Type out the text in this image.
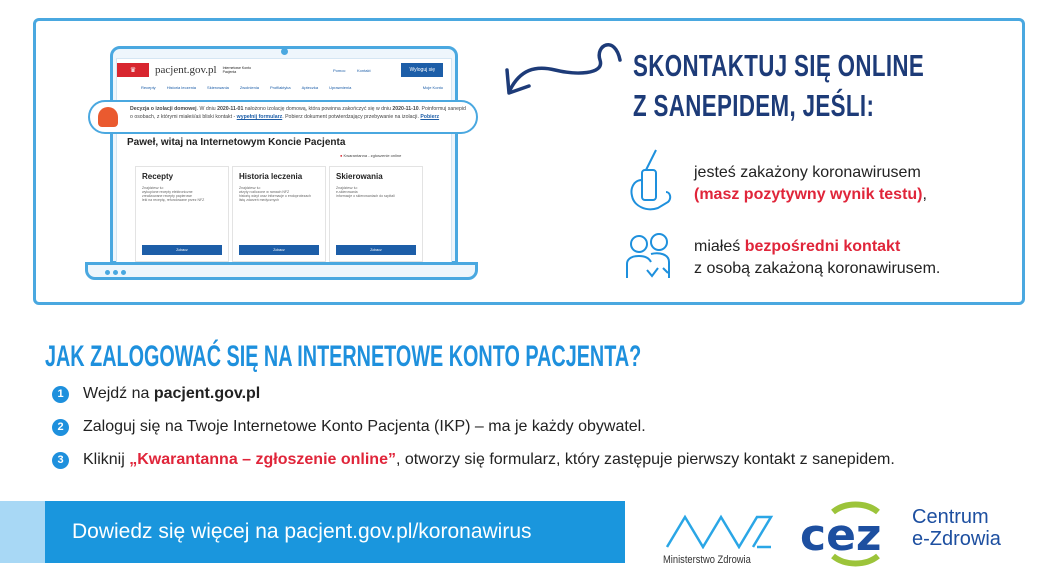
♛	pacjent.gov.pl Internetowe Konto Pacjenta	Pomoc	Kontakt	Wyloguj się
Recepty	Historia leczenia	Skierowania	Zwolnienia	Profilaktyka	Apteczka	Uprawnienia	Moje Konto
Decyzja o izolacji domowej. W dniu 2020-11-01 nałożono izolację domową, która powinna zakończyć się w dniu 2020-11-10. Poinformuj sanepid o osobach, z którymi miałeś/aś bliski kontakt - wypełnij formularz. Pobierz dokument potwierdzający przebywanie na izolacji. Pobierz
Paweł, witaj na Internetowym Koncie Pacjenta
● Kwarantanna - zgłoszenie online
Recepty
Znajdziesz tu:
wykupione recepty elektroniczne
zrealizowane recepty papierowe
leki na receptę, refundowane przez NFZ
Zobacz
Historia leczenia
Znajdziesz tu:
wizyty rozliczone w ramach NFZ
historię wizyt oraz informacje o endoprotezach
listę zdarzeń medycznych
Zobacz
Skierowania
Znajdziesz tu:
e-skierowania
informacje o skierowaniach do szpitali
Zobacz
SKONTAKTUJ SIĘ ONLINE
Z SANEPIDEM, JEŚLI:
jesteś zakażony koronawirusem
(masz pozytywny wynik testu),
miałeś bezpośredni kontakt
z osobą zakażoną koronawirusem.
JAK ZALOGOWAĆ SIĘ NA INTERNETOWE KONTO PACJENTA?
1	Wejdź na
pacjent.gov.pl
2	Zaloguj się na Twoje Internetowe Konto Pacjenta (IKP) – ma je każdy obywatel.
3	Kliknij
„Kwarantanna – zgłoszenie online” , otworzy się formularz, który zastępuje pierwszy kontakt z sanepidem.
Dowiedz się więcej na pacjent.gov.pl/koronawirus
Ministerstwo Zdrowia cez Centrum
e-Zdrowia
